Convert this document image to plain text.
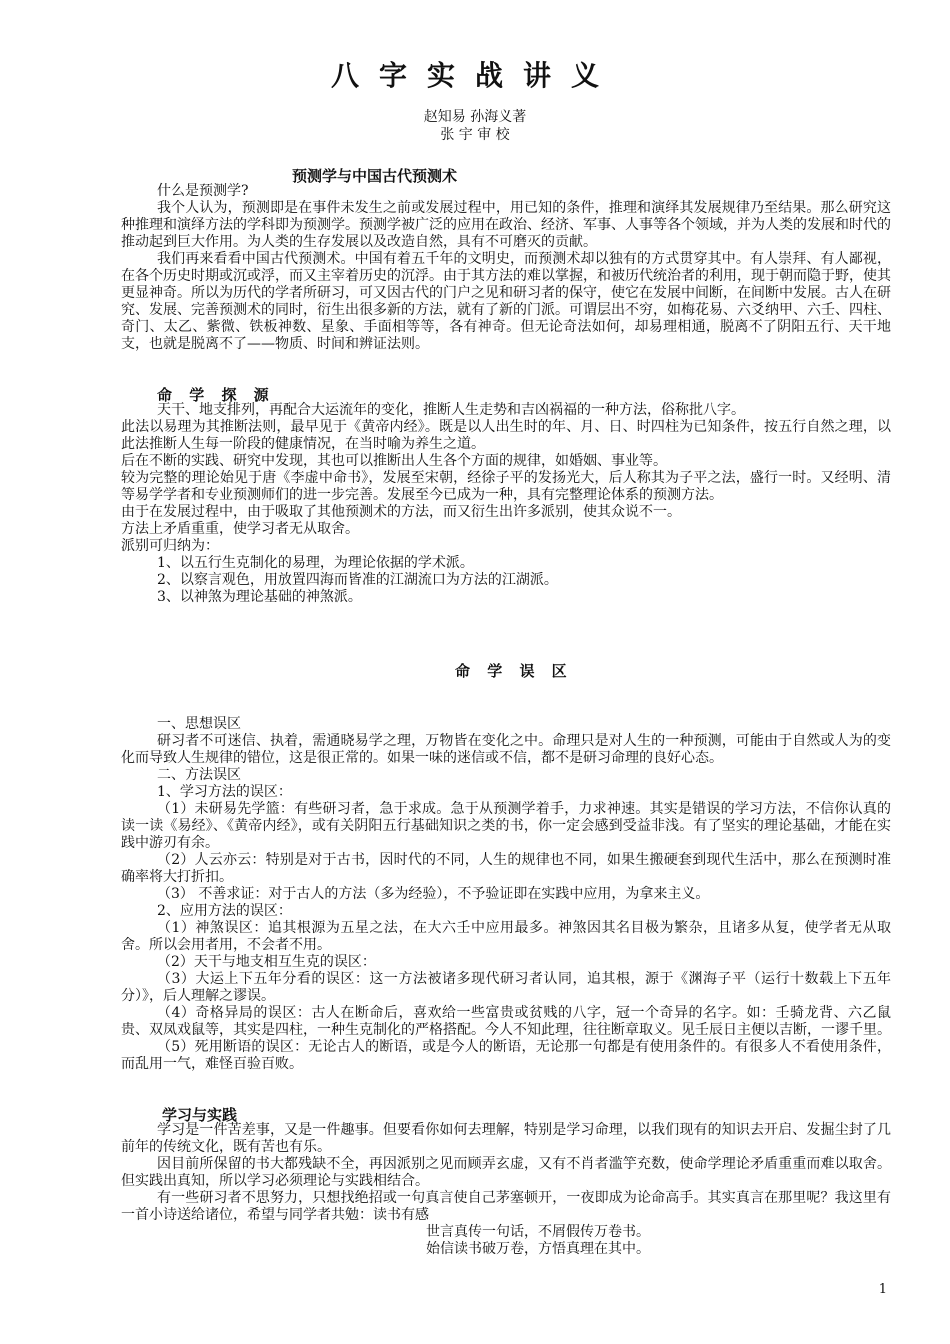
八字实战讲义
赵知易 孙海义著
张 宇 审 校
预测学与中国古代预测术

什么是预测学?

我个人认为，预测即是在事件未发生之前或发展过程中，用已知的条件，推理和演绎其发展规律乃至结果。那么研究这种推理和演绎方法的学科即为预测学。预测学被广泛的应用在政治、经济、军事、人事等各个领域，并为人类的发展和时代的推动起到巨大作用。为人类的生存发展以及改造自然，具有不可磨灭的贡献。

我们再来看看中国古代预测术。中国有着五千年的文明史，而预测术却以独有的方式贯穿其中。有人崇拜、有人鄙视，在各个历史时期或沉或浮，而又主宰着历史的沉浮。由于其方法的难以掌握，和被历代统治者的利用，现于朝而隐于野，使其更显神奇。所以为历代的学者所研习，可又因古代的门户之见和研习者的保守，使它在发展中间断，在间断中发展。古人在研究、发展、完善预测术的同时，衍生出很多新的方法，就有了新的门派。可谓层出不穷，如梅花易、六爻纳甲、六壬、四柱、奇门、太乙、紫微、铁板神数、星象、手面相等等，各有神奇。但无论奇法如何，却易理相通，脱离不了阴阳五行、天干地支，也就是脱离不了——物质、时间和辨证法则。

命 学 探 源

天干、地支排列，再配合大运流年的变化，推断人生走势和吉凶祸福的一种方法，俗称批八字。

此法以易理为其推断法则，最早见于《黄帝内经》。既是以人出生时的年、月、日、时四柱为已知条件，按五行自然之理，以此法推断人生每一阶段的健康情况，在当时喻为养生之道。

后在不断的实践、研究中发现，其也可以推断出人生各个方面的规律，如婚姻、事业等。

较为完整的理论始见于唐《李虚中命书》，发展至宋朝，经徐子平的发扬光大，后人称其为子平之法，盛行一时。又经明、清等易学学者和专业预测师们的进一步完善。发展至今已成为一种，具有完整理论体系的预测方法。

由于在发展过程中，由于吸取了其他预测术的方法，而又衍生出许多派别，使其众说不一。

方法上矛盾重重，使学习者无从取舍。

派别可归纳为：

1、以五行生克制化的易理，为理论依据的学术派。

2、以察言观色，用放置四海而皆准的江湖流口为方法的江湖派。

3、以神煞为理论基础的神煞派。

命 学 误 区

一、思想误区

研习者不可迷信、执着，需通晓易学之理，万物皆在变化之中。命理只是对人生的一种预测，可能由于自然或人为的变化而导致人生规律的错位，这是很正常的。如果一味的迷信或不信，都不是研习命理的良好心态。

二、方法误区

1、学习方法的误区：

（1）未研易先学篮：有些研习者，急于求成。急于从预测学着手，力求神速。其实是错误的学习方法，不信你认真的读一读《易经》、《黄帝内经》，或有关阴阳五行基础知识之类的书，你一定会感到受益非浅。有了坚实的理论基础，才能在实践中游刃有余。

（2）人云亦云：特别是对于古书，因时代的不同，人生的规律也不同，如果生搬硬套到现代生活中，那么在预测时准确率将大打折扣。

（3） 不善求证：对于古人的方法（多为经验），不予验证即在实践中应用，为拿来主义。

2、应用方法的误区：

（1）神煞误区：追其根源为五星之法，在大六壬中应用最多。神煞因其名目极为繁杂，且诸多从复，使学者无从取舍。所以会用者用，不会者不用。

（2）天干与地支相互生克的误区：

（3）大运上下五年分看的误区：这一方法被诸多现代研习者认同，追其根，源于《渊海子平（运行十数载上下五年分）》，后人理解之谬误。

（4）奇格异局的误区：古人在断命后，喜欢给一些富贵或贫贱的八字，冠一个奇异的名字。如：壬骑龙背、六乙鼠贵、双凤戏鼠等，其实是四柱，一种生克制化的严格搭配。今人不知此理，往往断章取义。见壬辰日主便以吉断，一谬千里。

（5）死用断语的误区：无论古人的断语，或是今人的断语，无论那一句都是有使用条件的。有很多人不看使用条件，而乱用一气，难怪百验百败。

学习与实践

学习是一件苦差事，又是一件趣事。但要看你如何去理解，特别是学习命理，以我们现有的知识去开启、发掘尘封了几前年的传统文化，既有苦也有乐。

因目前所保留的书大都残缺不全，再因派别之见而顾弄玄虚，又有不肖者滥竽充数，使命学理论矛盾重重而难以取舍。但实践出真知，所以学习必须理论与实践相结合。

有一些研习者不思努力，只想找绝招或一句真言使自己茅塞顿开，一夜即成为论命高手。其实真言在那里呢？我这里有一首小诗送给诸位，希望与同学者共勉：读书有感

世言真传一句话，不屑假传万卷书。
始信读书破万卷，方悟真理在其中。
1
